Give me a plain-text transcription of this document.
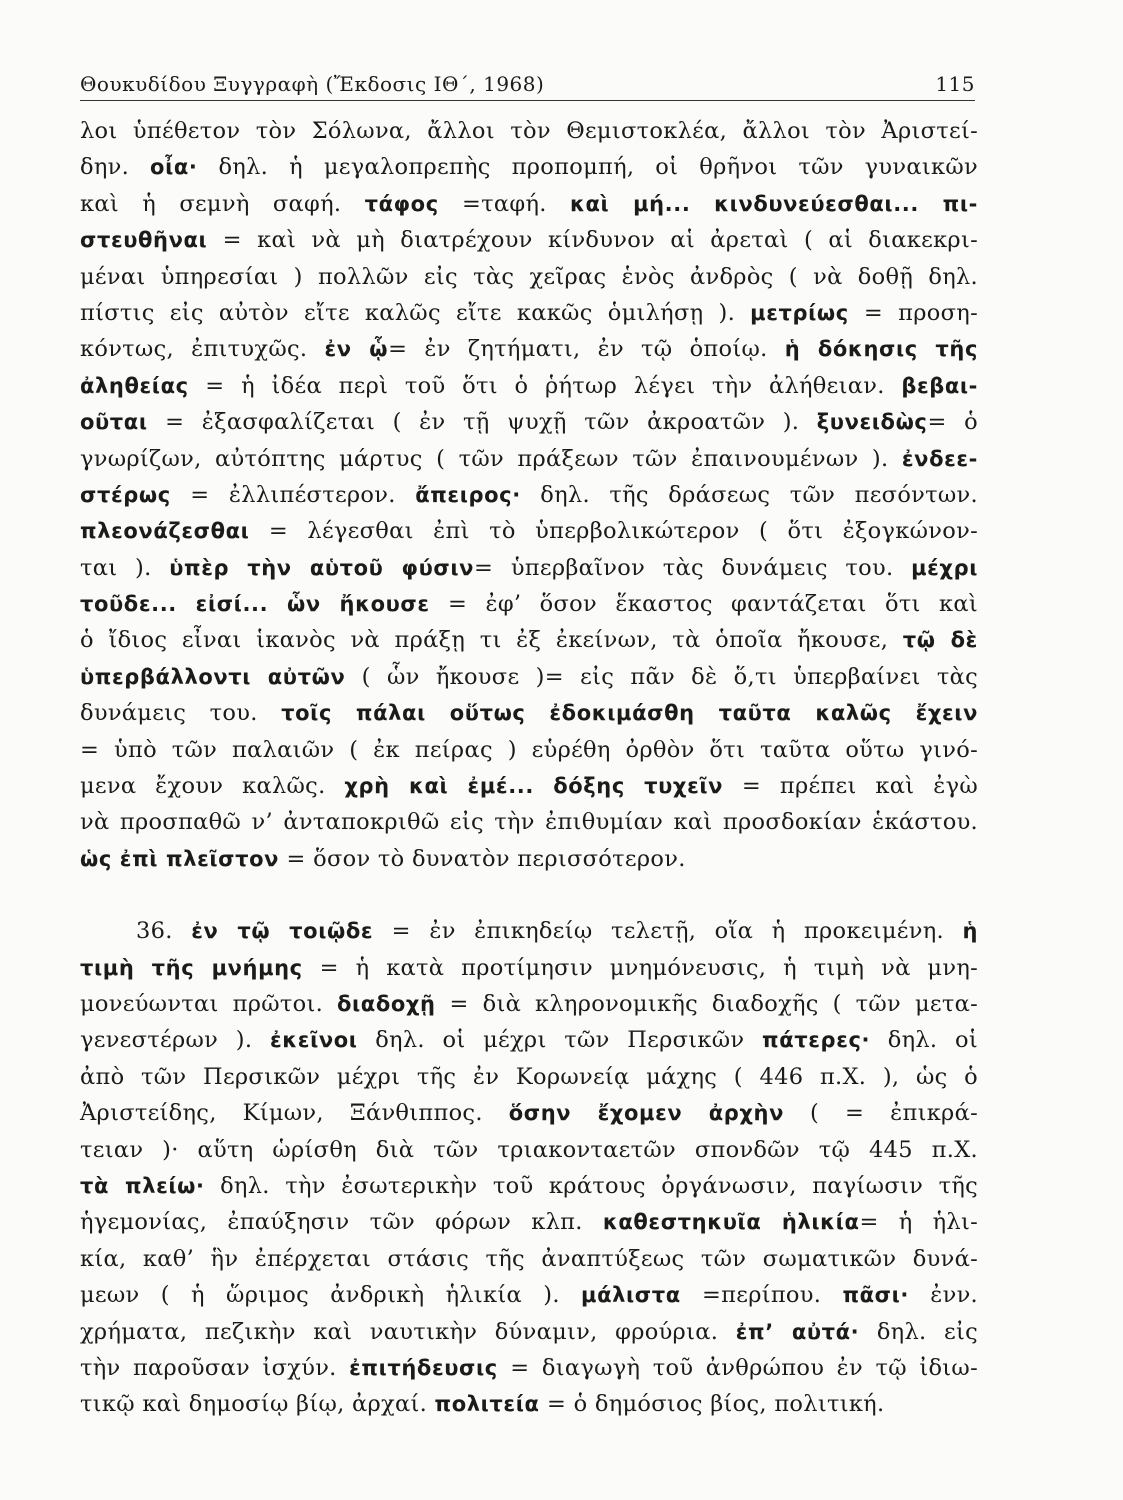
Θουκυδίδου Ξυγγραφὴ (Ἔκδοσις ΙΘ΄, 1968)	115
λοι ὑπέθετον τὸν Σόλωνα, ἄλλοι τὸν Θεμιστοκλέα, ἄλλοι τὸν Ἀριστεί-
δην. οἶα· δηλ. ἡ μεγαλοπρεπὴς προπομπή, οἱ θρῆνοι τῶν γυναικῶν
καὶ ἡ σεμνὴ σαφή. τάφος =ταφή. καὶ μή... κινδυνεύεσθαι... πι-
στευθῆναι = καὶ νὰ μὴ διατρέχουν κίνδυνον αἱ ἀρεταὶ ( αἱ διακεκρι-
μέναι ὑπηρεσίαι ) πολλῶν εἰς τὰς χεῖρας ἑνὸς ἀνδρὸς ( νὰ δοθῇ δηλ.
πίστις εἰς αὐτὸν εἴτε καλῶς εἴτε κακῶς ὁμιλήσῃ ). μετρίως = προση-
κόντως, ἐπιτυχῶς. ἐν ᾧ= ἐν ζητήματι, ἐν τῷ ὁποίῳ. ἡ δόκησις τῆς
ἀληθείας = ἡ ἰδέα περὶ τοῦ ὅτι ὁ ῥήτωρ λέγει τὴν ἀλήθειαν. βεβαι-
οῦται = ἐξασφαλίζεται ( ἐν τῇ ψυχῇ τῶν ἀκροατῶν ). ξυνειδὼς= ὁ
γνωρίζων, αὐτόπτης μάρτυς ( τῶν πράξεων τῶν ἐπαινουμένων ). ἐνδεε-
στέρως = ἐλλιπέστερον. ἄπειρος· δηλ. τῆς δράσεως τῶν πεσόντων.
πλεονάζεσθαι = λέγεσθαι ἐπὶ τὸ ὑπερβολικώτερον ( ὅτι ἐξογκώνον-
ται ). ὑπὲρ τὴν αὑτοῦ φύσιν= ὑπερβαῖνον τὰς δυνάμεις του. μέχρι
τοῦδε... εἰσί... ὧν ἤκουσε = ἐφ’ ὅσον ἕκαστος φαντάζεται ὅτι καὶ
ὁ ἴδιος εἶναι ἱκανὸς νὰ πράξῃ τι ἐξ ἐκείνων, τὰ ὁποῖα ἤκουσε, τῷ δὲ
ὑπερβάλλοντι αὐτῶν ( ὧν ἤκουσε )= εἰς πᾶν δὲ ὅ,τι ὑπερβαίνει τὰς
δυνάμεις του. τοῖς πάλαι οὕτως ἐδοκιμάσθη ταῦτα καλῶς ἔχειν
= ὑπὸ τῶν παλαιῶν ( ἐκ πείρας ) εὑρέθη ὀρθὸν ὅτι ταῦτα οὕτω γινό-
μενα ἔχουν καλῶς. χρὴ καὶ ἐμέ... δόξης τυχεῖν = πρέπει καὶ ἐγὼ
νὰ προσπαθῶ ν’ ἀνταποκριθῶ εἰς τὴν ἐπιθυμίαν καὶ προσδοκίαν ἑκάστου.
ὡς ἐπὶ πλεῖστον = ὅσον τὸ δυνατὸν περισσότερον.
36. ἐν τῷ τοιῷδε = ἐν ἐπικηδείῳ τελετῇ, οἵα ἡ προκειμένη. ἡ
τιμὴ τῆς μνήμης = ἡ κατὰ προτίμησιν μνημόνευσις, ἡ τιμὴ νὰ μνη-
μονεύωνται πρῶτοι. διαδοχῇ = διὰ κληρονομικῆς διαδοχῆς ( τῶν μετα-
γενεστέρων ). ἐκεῖνοι δηλ. οἱ μέχρι τῶν Περσικῶν πάτερες· δηλ. οἱ
ἀπὸ τῶν Περσικῶν μέχρι τῆς ἐν Κορωνείᾳ μάχης ( 446 π.Χ. ), ὡς ὁ
Ἀριστείδης, Κίμων, Ξάνθιππος. ὅσην ἔχομεν ἀρχὴν ( = ἐπικρά-
τειαν )· αὕτη ὡρίσθη διὰ τῶν τριακονταετῶν σπονδῶν τῷ 445 π.Χ.
τὰ πλείω· δηλ. τὴν ἐσωτερικὴν τοῦ κράτους ὀργάνωσιν, παγίωσιν τῆς
ἡγεμονίας, ἐπαύξησιν τῶν φόρων κλπ. καθεστηκυῖα ἡλικία= ἡ ἡλι-
κία, καθ’ ἣν ἐπέρχεται στάσις τῆς ἀναπτύξεως τῶν σωματικῶν δυνά-
μεων ( ἡ ὥριμος ἀνδρικὴ ἡλικία ). μάλιστα =περίπου. πᾶσι· ἐνν.
χρήματα, πεζικὴν καὶ ναυτικὴν δύναμιν, φρούρια. ἐπ’ αὐτά· δηλ. εἰς
τὴν παροῦσαν ἰσχύν. ἐπιτήδευσις = διαγωγὴ τοῦ ἀνθρώπου ἐν τῷ ἰδιω-
τικῷ καὶ δημοσίῳ βίῳ, ἀρχαί. πολιτεία = ὁ δημόσιος βίος, πολιτική.
